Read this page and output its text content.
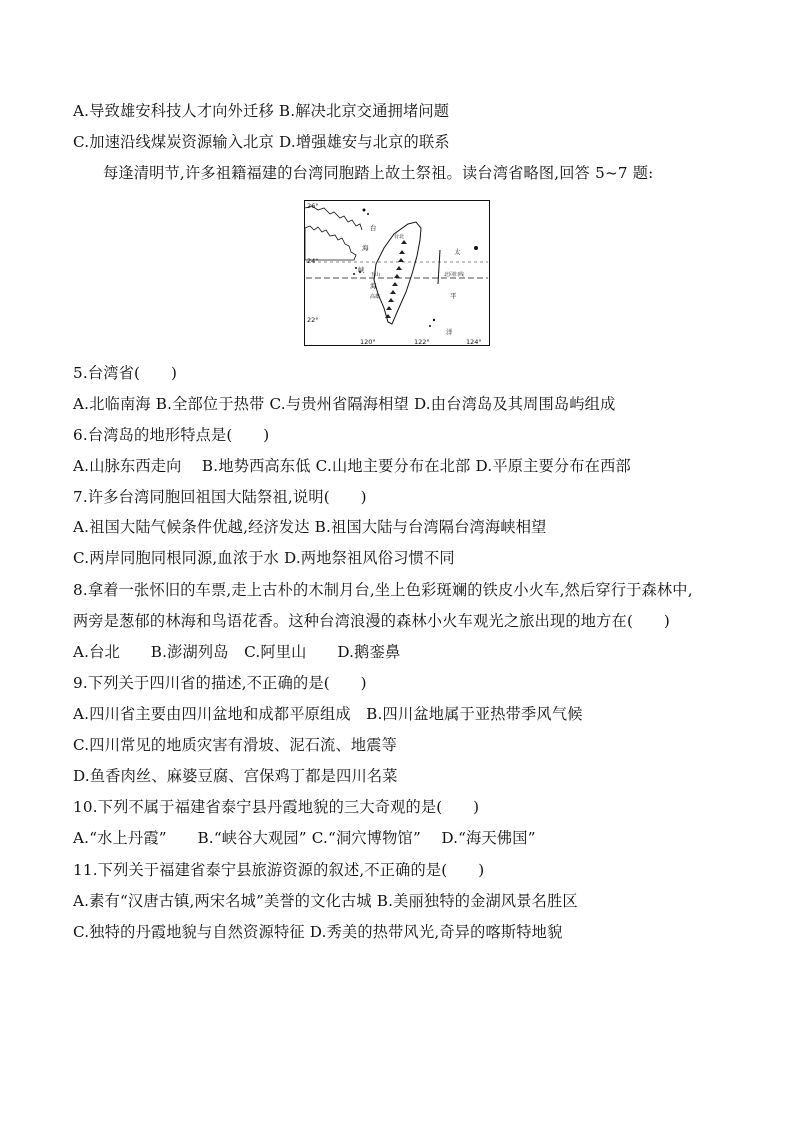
A.导致雄安科技人才向外迁移 B.解决北京交通拥堵问题
C.加速沿线煤炭资源输入北京 D.增强雄安与北京的联系
每逢清明节,许多祖籍福建的台湾同胞踏上故土祭祖。读台湾省略图,回答 5~7 题:
26°
24°
22°
120°	122°	124°
台
海
峡
海
台北
玉山
高雄
太
北回归线
平
洋
5.台湾省(　　)
A.北临南海 B.全部位于热带 C.与贵州省隔海相望 D.由台湾岛及其周围岛屿组成
6.台湾岛的地形特点是(　　)
A.山脉东西走向　 B.地势西高东低 C.山地主要分布在北部 D.平原主要分布在西部
7.许多台湾同胞回祖国大陆祭祖,说明(　　)
A.祖国大陆气候条件优越,经济发达 B.祖国大陆与台湾隔台湾海峡相望
C.两岸同胞同根同源,血浓于水 D.两地祭祖风俗习惯不同
8.拿着一张怀旧的车票,走上古朴的木制月台,坐上色彩斑斓的铁皮小火车,然后穿行于森林中,
两旁是葱郁的林海和鸟语花香。这种台湾浪漫的森林小火车观光之旅出现的地方在(　　)
A.台北　　B.澎湖列岛　C.阿里山　　D.鹅銮鼻
9.下列关于四川省的描述,不正确的是(　　)
A.四川省主要由四川盆地和成都平原组成　B.四川盆地属于亚热带季风气候
C.四川常见的地质灾害有滑坡、泥石流、地震等
D.鱼香肉丝、麻婆豆腐、宫保鸡丁都是四川名菜
10.下列不属于福建省泰宁县丹霞地貌的三大奇观的是(　　)
A.“水上丹霞”　　B.“峡谷大观园” C.“洞穴博物馆”　 D.“海天佛国”
11.下列关于福建省泰宁县旅游资源的叙述,不正确的是(　　)
A.素有“汉唐古镇,两宋名城”美誉的文化古城 B.美丽独特的金湖风景名胜区
C.独特的丹霞地貌与自然资源特征 D.秀美的热带风光,奇异的喀斯特地貌
